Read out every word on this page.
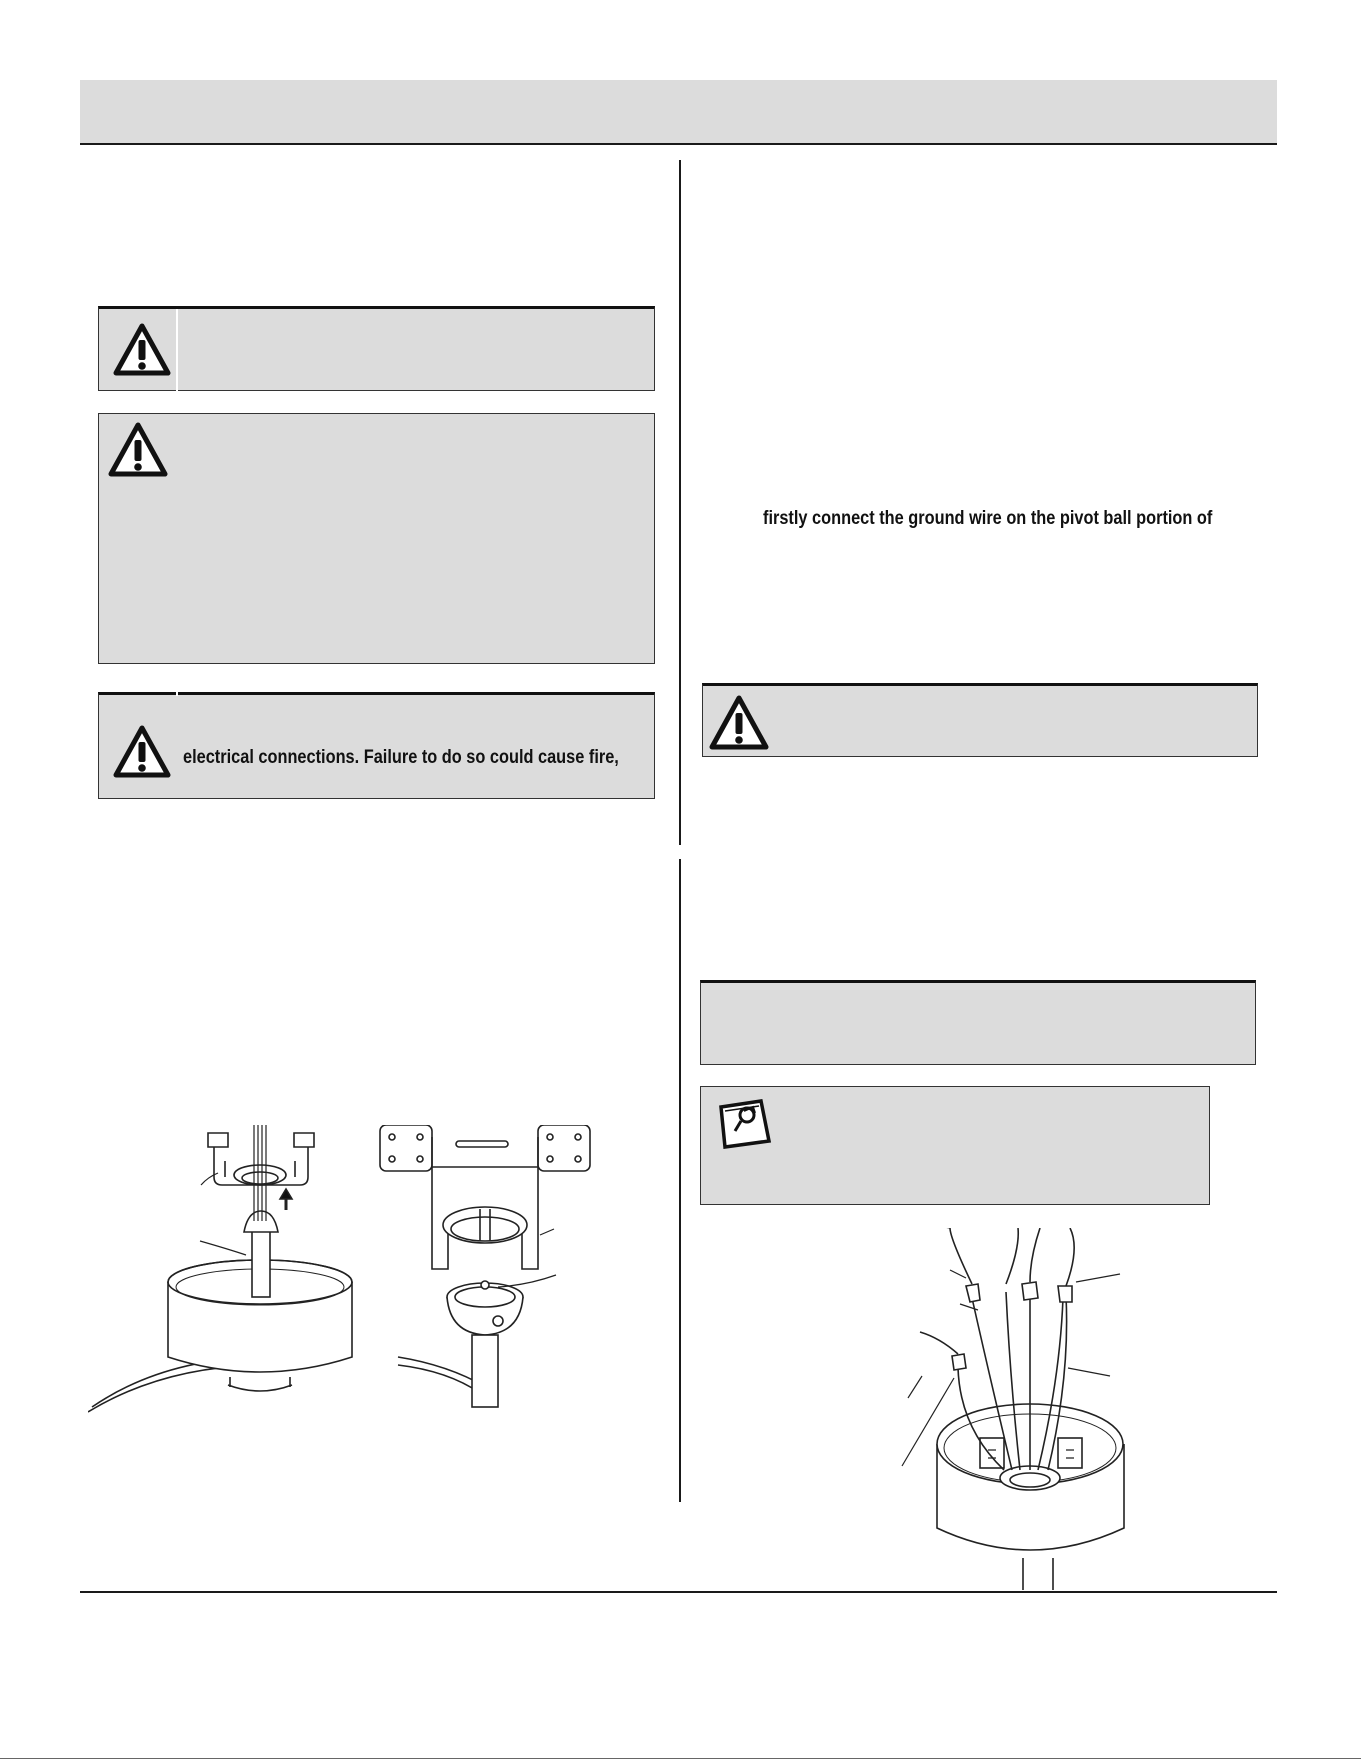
electrical connections. Failure to do so could cause fire,
firstly connect the ground wire on the pivot ball portion of
